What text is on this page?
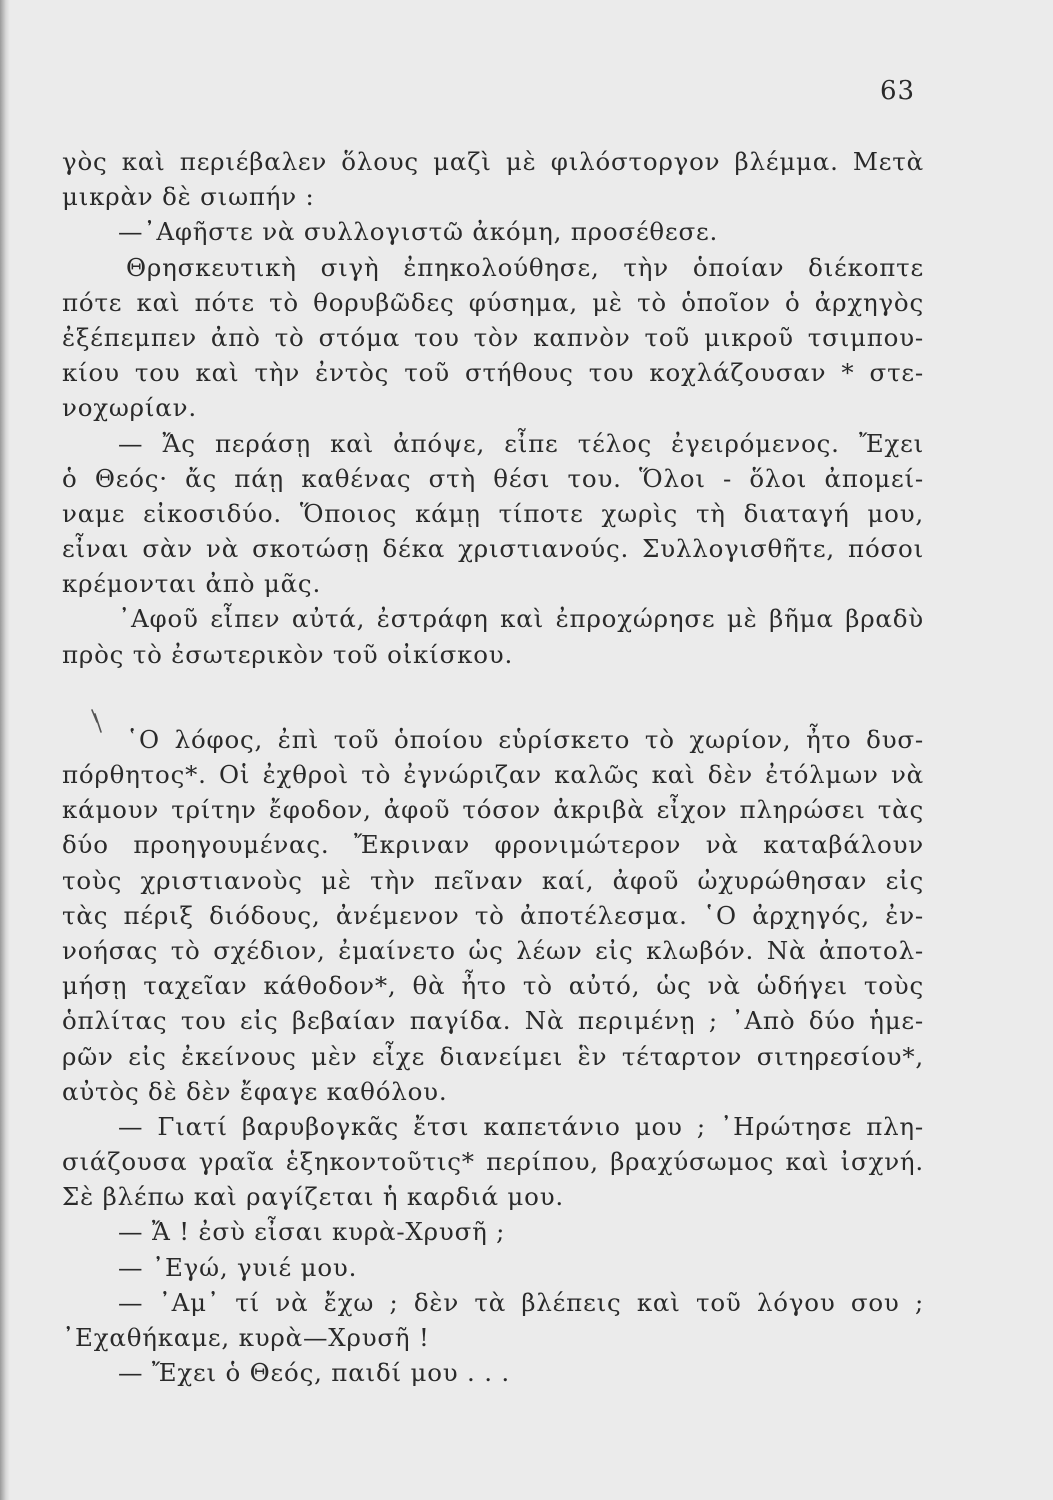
63
γὸς καὶ περιέβαλεν ὅλους μαζὶ μὲ φιλόστοργον βλέμμα. Μετὰ
μικρὰν δὲ σιωπήν :
—᾽Αφῆστε νὰ συλλογιστῶ ἀκόμη, προσέθεσε.
Θρησκευτικὴ σιγὴ ἐπηκολούθησε, τὴν ὁποίαν διέκοπτε
πότε καὶ πότε τὸ θορυβῶδες φύσημα, μὲ τὸ ὁποῖον ὁ ἀρχηγὸς
ἐξέπεμπεν ἀπὸ τὸ στόμα του τὸν καπνὸν τοῦ μικροῦ τσιμπου-
κίου του καὶ τὴν ἐντὸς τοῦ στήθους του κοχλάζουσαν * στε-
νοχωρίαν.
— Ἄς περάσῃ καὶ ἀπόψε, εἶπε τέλος ἐγειρόμενος. Ἔχει
ὁ Θεός· ἄς πάῃ καθένας στὴ θέσι του. Ὅλοι - ὅλοι ἀπομεί-
ναμε εἰκοσιδύο. Ὅποιος κάμῃ τίποτε χωρὶς τὴ διαταγή μου,
εἶναι σὰν νὰ σκοτώσῃ δέκα χριστιανούς. Συλλογισθῆτε, πόσοι
κρέμονται ἀπὸ μᾶς.
᾽Αφοῦ εἶπεν αὐτά, ἐστράφη καὶ ἐπροχώρησε μὲ βῆμα βραδὺ
πρὸς τὸ ἐσωτερικὸν τοῦ οἰκίσκου.
῾Ο λόφος, ἐπὶ τοῦ ὁποίου εὑρίσκετο τὸ χωρίον, ἦτο δυσ-
πόρθητος*. Οἱ ἐχθροὶ τὸ ἐγνώριζαν καλῶς καὶ δὲν ἐτόλμων νὰ
κάμουν τρίτην ἔφοδον, ἀφοῦ τόσον ἀκριβὰ εἶχον πληρώσει τὰς
δύο προηγουμένας. Ἔκριναν φρονιμώτερον νὰ καταβάλουν
τοὺς χριστιανοὺς μὲ τὴν πεῖναν καί, ἀφοῦ ὠχυρώθησαν εἰς
τὰς πέριξ διόδους, ἀνέμενον τὸ ἀποτέλεσμα. ῾Ο ἀρχηγός, ἐν-
νοήσας τὸ σχέδιον, ἐμαίνετο ὡς λέων εἰς κλωβόν. Νὰ ἀποτολ-
μήσῃ ταχεῖαν κάθοδον*, θὰ ἦτο τὸ αὐτό, ὡς νὰ ὡδήγει τοὺς
ὁπλίτας του εἰς βεβαίαν παγίδα. Νὰ περιμένῃ ; ᾽Απὸ δύο ἡμε-
ρῶν εἰς ἐκείνους μὲν εἶχε διανείμει ἓν τέταρτον σιτηρεσίου*,
αὐτὸς δὲ δὲν ἔφαγε καθόλου.
— Γιατί βαρυβογκᾶς ἔτσι καπετάνιο μου ; ᾽Ηρώτησε πλη-
σιάζουσα γραῖα ἑξηκοντοῦτις* περίπου, βραχύσωμος καὶ ἰσχνή.
Σὲ βλέπω καὶ ραγίζεται ἡ καρδιά μου.
— Ἄ ! ἐσὺ εἶσαι κυρὰ-Χρυσῆ ;
— ᾽Εγώ, γυιέ μου.
— ᾽Αμ᾽ τί νὰ ἔχω ; δὲν τὰ βλέπεις καὶ τοῦ λόγου σου ;
᾽Εχαθήκαμε, κυρὰ—Χρυσῆ !
— Ἔχει ὁ Θεός, παιδί μου . . .
